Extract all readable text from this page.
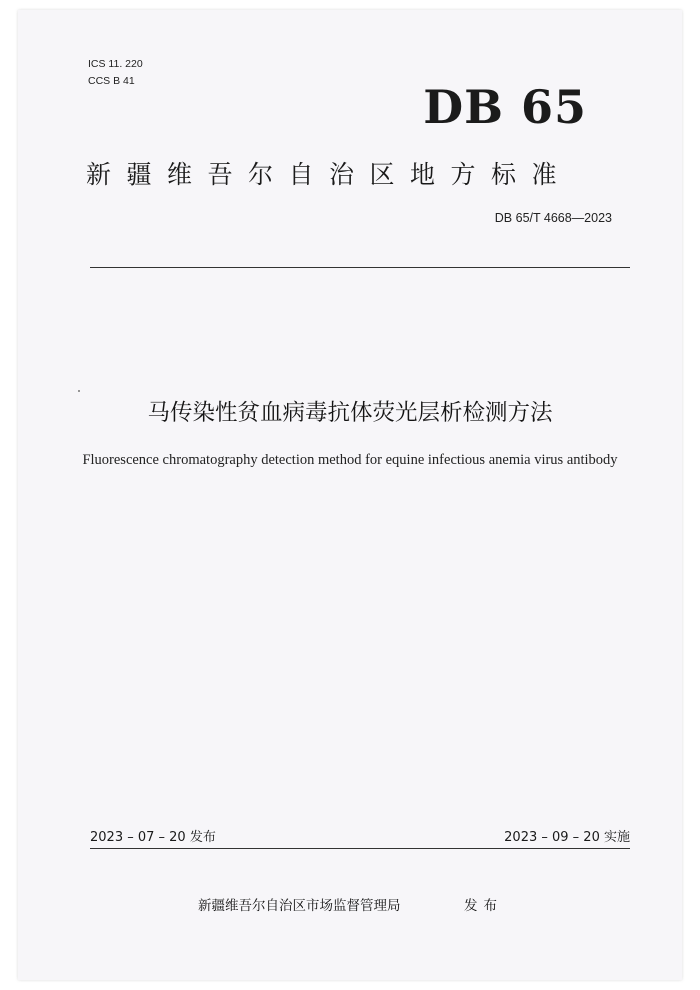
ICS 11. 220
CCS B 41	DB 65
新疆维吾尔自治区地方标准
DB 65/T 4668—2023
马传染性贫血病毒抗体荧光层析检测方法
Fluorescence chromatography detection method for equine infectious anemia virus antibody
2023 – 07 – 20 发布	2023 – 09 – 20 实施
新疆维吾尔自治区市场监督管理局	发布
